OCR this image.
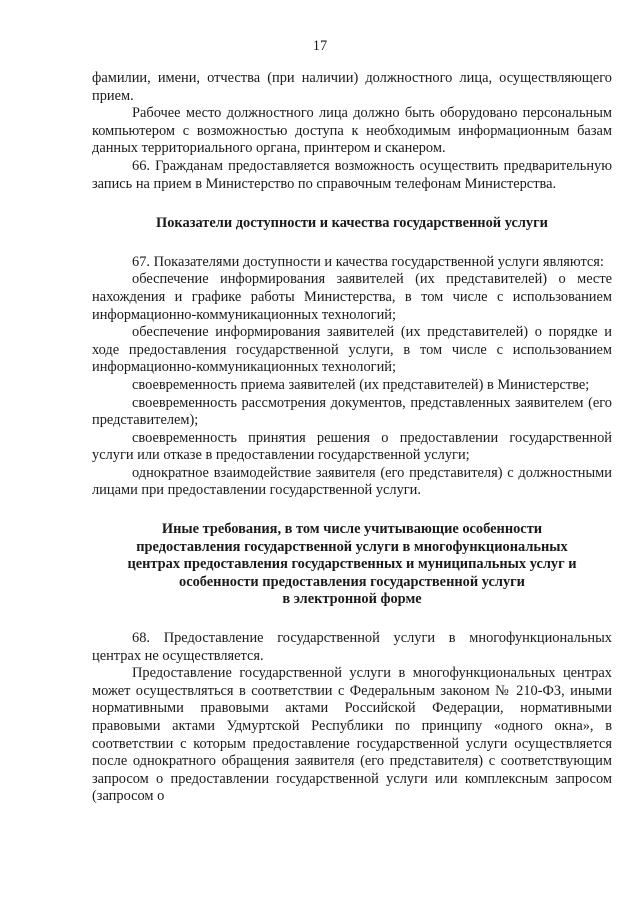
17

фамилии, имени, отчества (при наличии) должностного лица, осуществляющего прием.

Рабочее место должностного лица должно быть оборудовано персональным компьютером с возможностью доступа к необходимым информационным базам данных территориального органа, принтером и сканером.

66. Гражданам предоставляется возможность осуществить предварительную запись на прием в Министерство по справочным телефонам Министерства.

Показатели доступности и качества государственной услуги

67. Показателями доступности и качества государственной услуги являются:

обеспечение информирования заявителей (их представителей) о месте нахождения и графике работы Министерства, в том числе с использованием информационно-коммуникационных технологий;

обеспечение информирования заявителей (их представителей) о порядке и ходе предоставления государственной услуги, в том числе с использованием информационно-коммуникационных технологий;

своевременность приема заявителей (их представителей) в Министерстве;

своевременность рассмотрения документов, представленных заявителем (его представителем);

своевременность принятия решения о предоставлении государственной услуги или отказе в предоставлении государственной услуги;

однократное взаимодействие заявителя (его представителя) с должностными лицами при предоставлении государственной услуги.

Иные требования, в том числе учитывающие особенности
предоставления государственной услуги в многофункциональных
центрах предоставления государственных и муниципальных услуг и
особенности предоставления государственной услуги
в электронной форме

68. Предоставление государственной услуги в многофункциональных центрах не осуществляется.

Предоставление государственной услуги в многофункциональных центрах может осуществляться в соответствии с Федеральным законом № 210-ФЗ, иными нормативными правовыми актами Российской Федерации, нормативными правовыми актами Удмуртской Республики по принципу «одного окна», в соответствии с которым предоставление государственной услуги осуществляется после однократного обращения заявителя (его представителя) с соответствующим запросом о предоставлении государственной услуги или комплексным запросом (запросом о
